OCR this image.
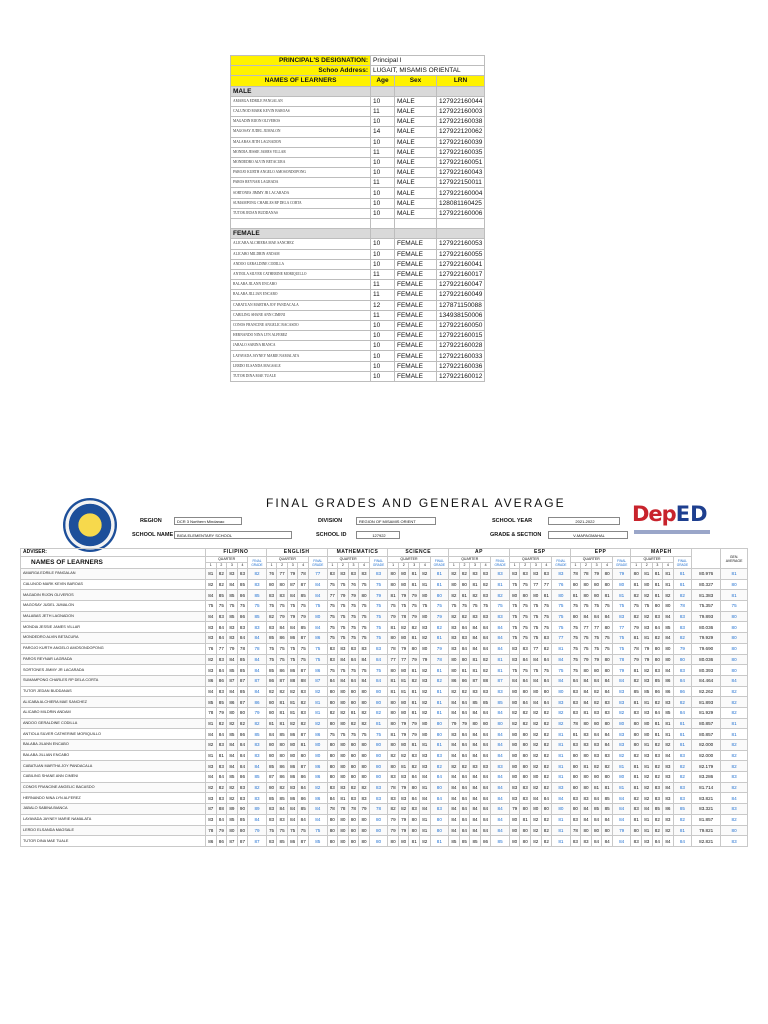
PRINCIPAL'S DESIGNATION:	Principal I		
Schoo Address:	LUGAIT, MISAMIS ORIENTAL		
NAMES OF LEARNERS	Age	Sex	LRN
MALE			
AMARGA EDRILE PANGALAN	10	MALE	127922160044
CALUNOD MARK KEVIN BAROAS	11	MALE	127922160003
MAGADIN RIJON OLIVEROS	10	MALE	127922160038
MAGOSAY JUDEL JUMALON	14	MALE	127922120062
MALABAS JETH LAGNADON	10	MALE	127922160039
MONDIA JESSIE JAMES VILLAR	11	MALE	127922160035
MONDEDRO ALVIN BETACURA	10	MALE	127922160051
PAROJO KURTH ANGELO AMOSONDOPONG	10	MALE	127922160043
PAROS REYNAR LAGRADA	11	MALE	127922150011
SORTONES JIMMY JR LACARADA	10	MALE	127922160004
SUMAMPONG CHARLES RP DELA CORTA	10	MALE	128081160425
TUTOR JEDAN BUDDANAS	10	MALE	127922160006

FEMALE			
ALICABA ALCHIERA MAE SANCHEZ	10	FEMALE	127922160053
ALICABO MILDRIN ANDAM	10	FEMALE	127922160055
ANDOO GERALDINE CODILLA	10	FEMALE	127922160041
ANTIOLA SILVER CATHERINE MORIQUILLO	11	FEMALE	127922160017
BALABA JILANN ENCABO	11	FEMALE	127922160047
BALABA JILLIAN ENCABO	11	FEMALE	127922160049
CABATUAN MARTHA JOY PANDACALA	12	FEMALE	127871150088
CABILING SHANE ANN CIMENI	11	FEMALE	134938150006
CONOS FRANCINE ANGELIC BACASDO	10	FEMALE	127922160050
HERNANDO NINA LYN ALFEREZ	10	FEMALE	127922160015
JABALO SABINA BIANCA	10	FEMALE	127922160028
LAYAVADA JAYNEY MARIE NAMALATA	10	FEMALE	127922160033
LERDO ELSANDA MAGSALE	10	FEMALE	127922160036
TUTOR DINA MAE TUALE	10	FEMALE	127922160012
FINAL GRADES AND GENERAL AVERAGE
REGION	DCR 3 Northern Mindanao	DIVISION	REGION OF MISAMIS ORIENT	SCHOOL YEAR	2021-2022
SCHOOL NAME BIGA ELEMENTARY SCHOOL	SCHOOL ID	127922	GRADE & SECTION	V-MAPAGMAHAL
DepED
ADVISER:	FILIPINO					ENGLISH					MATHEMATICS					SCIENCE					AP					ESP					EPP					MAPEH						GEN. AVERAGE
NAMES OF LEARNERS	QUARTER				FINAL GRADE	QUARTER				FINAL GRADE	QUARTER				FINAL GRADE	QUARTER				FINAL GRADE	QUARTER				FINAL GRADE	QUARTER				FINAL GRADE	QUARTER				FINAL GRADE	QUARTER				FINAL GRADE		
	1	2	3	4		1	2	3	4		1	2	3	4		1	2	3	4		1	2	3	4		1	2	3	4		1	2	3	4		1	2	3	4			
AMARGA EDRILE PANGALAN	81	82	83	83	82	76	77	79	78	77	83	83	83	83	83	80	80	81	82	81	82	82	83	83	83	83	83	83	83	83	78	78	79	80	79	80	81	81	81	81	80.976	81
CALUNOD MARK KEVIN BAROAS	82	82	84	85	83	80	80	87	87	84	75	75	76	75	75	80	80	81	81	81	80	80	81	82	81	75	75	77	77	76	80	80	80	80	80	81	80	81	81	81	80.327	80
MAGADIN RIJON OLIVEROS	84	85	85	86	85	83	83	84	85	84	77	79	79	80	79	81	79	79	80	80	82	81	82	83	82	80	80	80	81	80	81	80	80	81	81	82	82	81	82	82	81.383	81
MAGOSAY JUDEL JUMALON	75	75	75	75	75	75	75	75	75	75	75	75	75	75	75	75	75	75	75	75	75	75	75	75	75	75	75	75	75	75	75	75	75	75	75	75	75	80	80	78	75.357	75
MALABAS JETH LAGNADON	84	83	85	86	85	82	79	79	79	80	75	75	75	75	75	79	78	79	80	79	82	82	83	83	83	75	75	75	75	75	80	84	84	84	83	82	82	83	84	83	79.893	80
MONDIA JESSIE JAMES VILLAR	83	84	83	83	83	83	84	84	85	84	75	75	75	75	75	81	82	82	83	82	83	84	84	84	84	75	75	75	75	75	75	77	77	80	77	79	83	84	85	83	80.036	80
MONDEDRO ALVIN BETACURA	83	84	83	84	84	85	86	86	87	86	75	75	75	75	75	80	80	81	82	81	83	83	84	84	84	75	75	75	83	77	75	75	75	75	75	81	81	82	84	82	79.929	80
PAROJO KURTH ANGELO AMOSONDOPONG	76	77	79	78	78	75	75	75	75	75	83	83	83	83	83	78	79	80	80	79	83	84	84	84	84	83	83	77	82	81	75	75	75	75	75	78	79	80	80	79	79.690	80
PAROS REYNAR LAGRADA	82	83	84	85	84	75	75	75	75	75	83	84	84	84	84	77	77	79	79	78	80	80	81	82	81	83	84	84	84	84	75	79	79	80	78	79	79	80	80	80	80.036	80
SORTONES JIMMY JR LACARADA	83	84	85	85	84	85	86	86	87	86	75	75	75	75	75	80	80	81	82	81	80	81	81	82	81	75	75	75	75	75	75	80	80	80	79	81	82	83	84	83	80.393	80
SUMAMPONG CHARLES RP DELA CORTA	86	86	87	87	87	86	87	88	88	87	84	84	84	84	84	81	81	82	83	82	86	86	87	88	87	84	84	84	84	84	84	84	84	84	84	82	83	85	86	84	84.464	84
TUTOR JEDAN BUDDANAS	84	83	84	85	84	82	82	82	83	82	80	80	80	80	80	81	81	81	82	81	82	82	83	83	83	80	80	80	80	80	83	84	82	84	83	85	85	86	86	86	82.262	82
ALICABA ALCHIERA MAE SANCHEZ	85	85	86	87	86	80	81	81	82	81	80	80	80	80	80	80	80	81	82	81	84	84	85	85	85	80	84	84	84	83	83	84	82	83	83	81	81	82	83	82	81.893	82
ALICABO MILDRIN ANDAM	78	79	80	80	79	80	81	81	83	81	82	82	81	82	82	80	80	81	82	81	84	84	84	84	84	82	82	82	82	82	83	81	83	83	82	83	83	84	85	84	81.929	82
ANDOO GERALDINE CODILLA	81	82	82	82	82	81	81	82	82	82	80	80	82	82	81	80	79	79	80	80	79	79	80	80	80	82	82	82	82	82	78	80	80	80	80	80	80	81	81	81	80.857	81
ANTIOLA SILVER CATHERINE MORIQUILLO	84	84	85	86	85	84	85	86	87	86	75	75	75	75	75	81	79	79	80	80	83	84	84	84	84	80	80	82	82	81	81	83	84	84	83	80	80	81	81	81	80.857	81
BALABA JILANN ENCABO	82	83	84	84	83	80	80	80	81	80	80	80	80	80	80	80	80	81	81	81	84	84	84	84	84	80	80	82	82	81	83	83	83	84	83	80	81	82	82	81	82.000	82
BALABA JILLIAN ENCABO	81	81	84	84	83	80	80	80	80	80	80	80	80	80	80	82	82	83	83	83	84	84	84	84	84	80	80	82	82	81	80	80	83	83	82	82	83	83	84	83	82.000	82
CABATUAN MARTHA JOY PANDACALA	83	83	84	84	84	85	86	86	87	86	80	80	80	80	80	80	81	82	83	82	82	82	83	83	83	80	80	82	82	81	80	81	82	82	81	81	81	82	83	82	82.179	82
CABILING SHANE ANN CIMENI	84	84	85	86	85	87	86	86	86	86	80	80	80	80	80	83	83	84	84	84	84	84	84	84	84	80	80	80	82	81	80	80	80	80	80	81	82	82	83	82	83.286	83
CONOS FRANCINE ANGELIC BACASDO	82	82	82	83	82	80	82	83	84	82	83	83	82	82	83	78	79	80	81	80	84	84	84	84	84	83	83	82	82	83	80	80	81	81	81	81	82	83	84	83	81.714	82
HERNANDO NINA LYN ALFEREZ	83	83	82	83	83	85	85	86	86	86	84	81	83	83	83	83	83	84	84	84	84	84	84	84	84	83	83	84	84	84	83	83	84	85	84	82	82	83	83	83	83.821	84
JABALO SABINA BIANCA	87	88	89	90	89	83	84	84	85	84	78	78	78	79	78	82	82	83	84	83	84	84	84	84	84	79	80	80	80	80	80	84	85	85	84	83	84	85	86	85	83.321	83
LAYAVADA JAYNEY MARIE NAMALATA	83	84	85	85	84	83	83	84	84	84	80	80	80	80	80	79	79	80	81	80	84	84	84	84	84	80	81	82	82	81	83	84	84	84	84	81	81	82	83	82	81.857	82
LERDO ELSANDA MAGSALE	78	79	80	80	79	75	75	75	75	75	80	80	80	80	80	79	79	80	81	80	84	84	84	84	84	80	80	82	82	81	78	80	80	80	79	80	81	82	82	81	79.821	80
TUTOR DINA MAE TUALE	86	86	87	87	87	83	85	86	87	85	80	80	80	80	80	80	80	81	82	81	85	85	85	86	85	80	80	82	82	81	83	83	84	84	84	83	83	84	84	84	82.821	83
